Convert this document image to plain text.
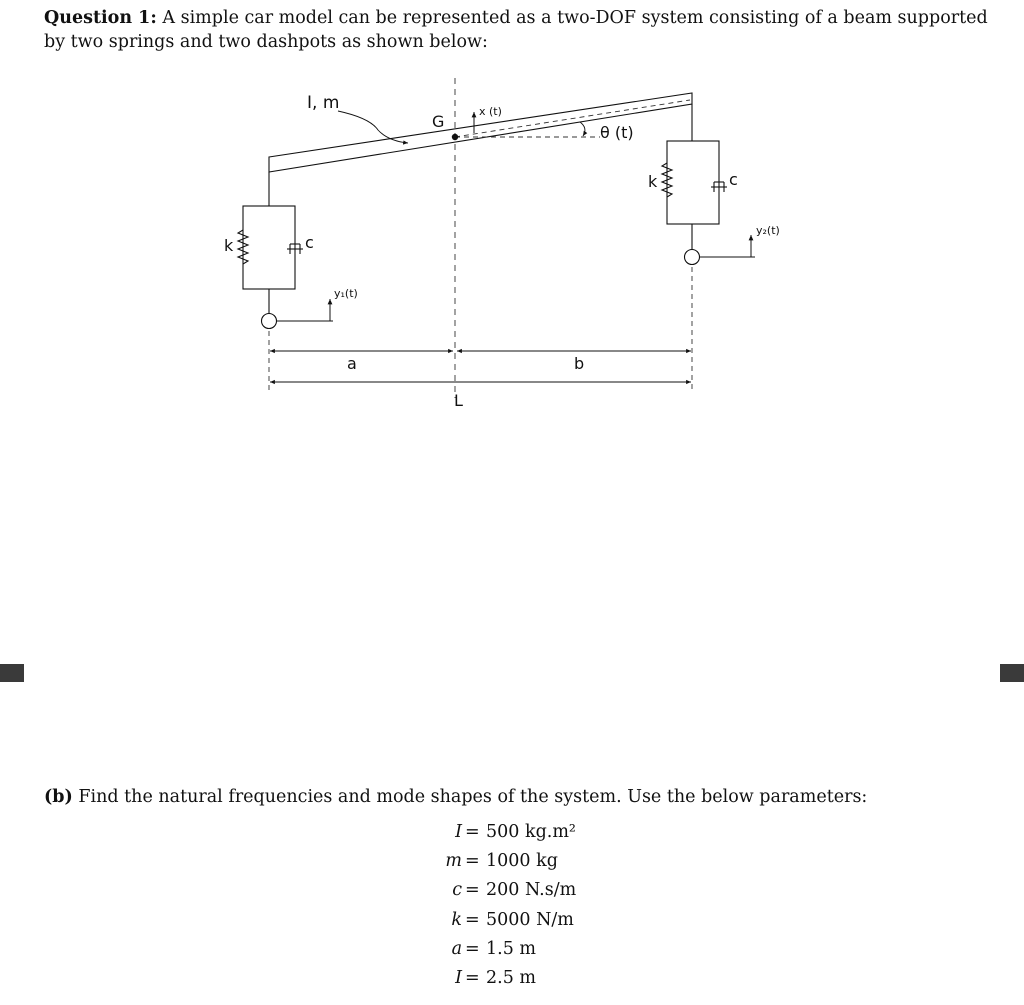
Question 1: A simple car model can be represented as a two-DOF system consisting of a beam supported by two springs and two dashpots as shown below:
I, m
G
x (t)
θ (t)
k	c
k	c
y₁(t)
y₂(t)
a	b
L
(b) Find the natural frequencies and mode shapes of the system. Use the below parameters:
I = 500 kg.m²
m = 1000 kg
c = 200 N.s/m
k = 5000 N/m
a = 1.5 m
I = 2.5 m
